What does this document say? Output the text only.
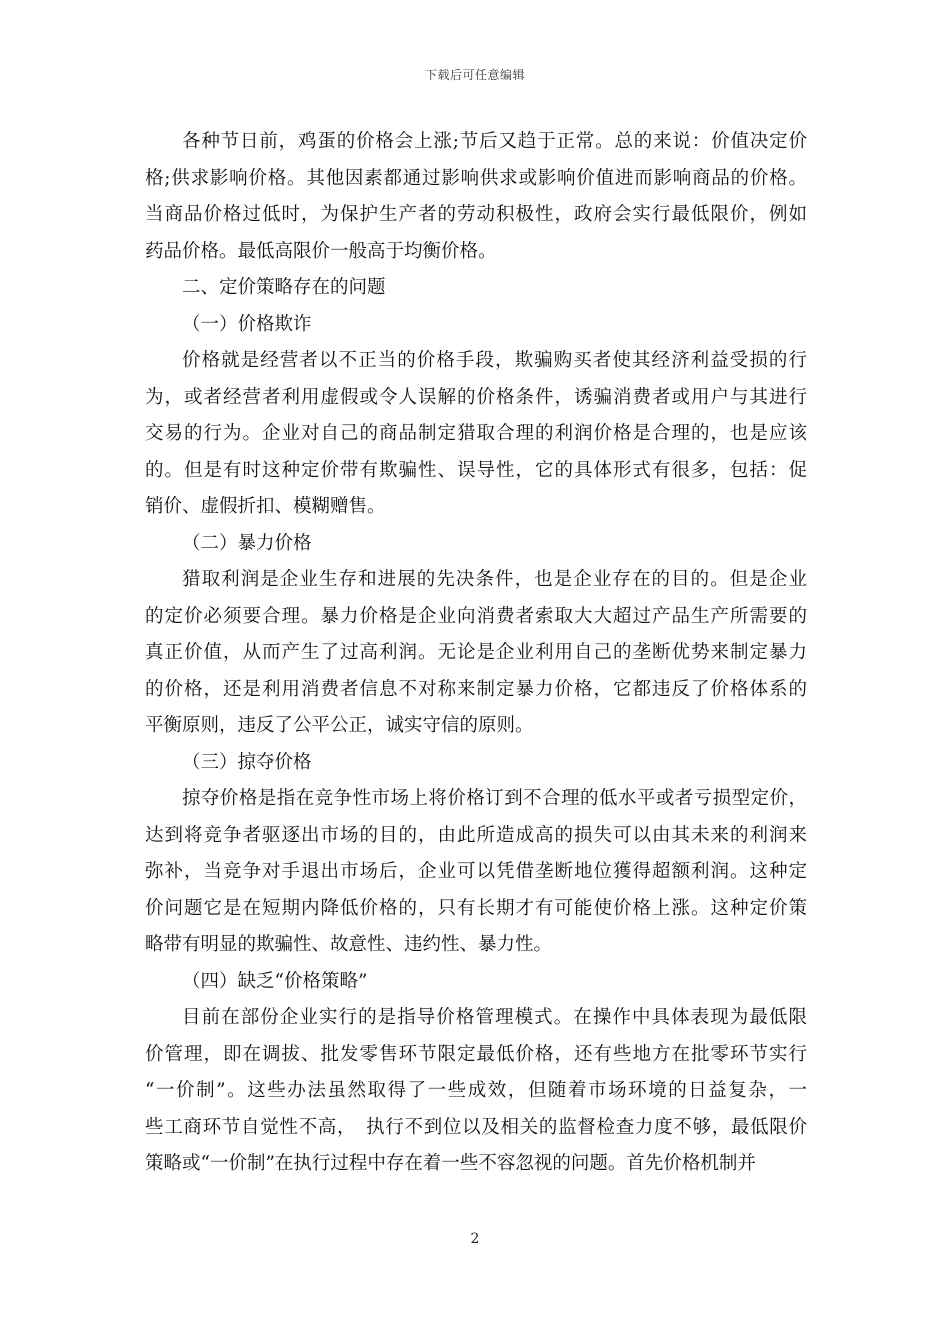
下载后可任意编辑
各种节日前，鸡蛋的价格会上涨;节后又趋于正常。总的来说：价值决定价
格;供求影响价格。其他因素都通过影响供求或影响价值进而影响商品的价格。
当商品价格过低时，为保护生产者的劳动积极性，政府会实行最低限价，例如
药品价格。最低高限价一般高于均衡价格。
二、定价策略存在的问题
（一）价格欺诈
价格就是经营者以不正当的价格手段，欺骗购买者使其经济利益受损的行
为，或者经营者利用虚假或令人误解的价格条件，诱骗消费者或用户与其进行
交易的行为。企业对自己的商品制定猎取合理的利润价格是合理的，也是应该
的。但是有时这种定价带有欺骗性、误导性，它的具体形式有很多，包括：促
销价、虚假折扣、模糊赠售。
（二）暴力价格
猎取利润是企业生存和进展的先决条件，也是企业存在的目的。但是企业
的定价必须要合理。暴力价格是企业向消费者索取大大超过产品生产所需要的
真正价值，从而产生了过高利润。无论是企业利用自己的垄断优势来制定暴力
的价格，还是利用消费者信息不对称来制定暴力价格，它都违反了价格体系的
平衡原则，违反了公平公正，诚实守信的原则。
（三）掠夺价格
掠夺价格是指在竞争性市场上将价格订到不合理的低水平或者亏损型定价，
达到将竞争者驱逐出市场的目的，由此所造成高的损失可以由其未来的利润来
弥补，当竞争对手退出市场后，企业可以凭借垄断地位獲得超额利润。这种定
价问题它是在短期内降低价格的，只有长期才有可能使价格上涨。这种定价策
略带有明显的欺骗性、故意性、违约性、暴力性。
（四）缺乏“价格策略”
目前在部份企业实行的是指导价格管理模式。在操作中具体表现为最低限
价管理，即在调拔、批发零售环节限定最低价格，还有些地方在批零环节实行
“一价制”。这些办法虽然取得了一些成效，但随着市场环境的日益复杂，一
些工商环节自觉性不高，　执行不到位以及相关的监督检查力度不够，最低限价
策略或“一价制”在执行过程中存在着一些不容忽视的问题。首先价格机制并
2
